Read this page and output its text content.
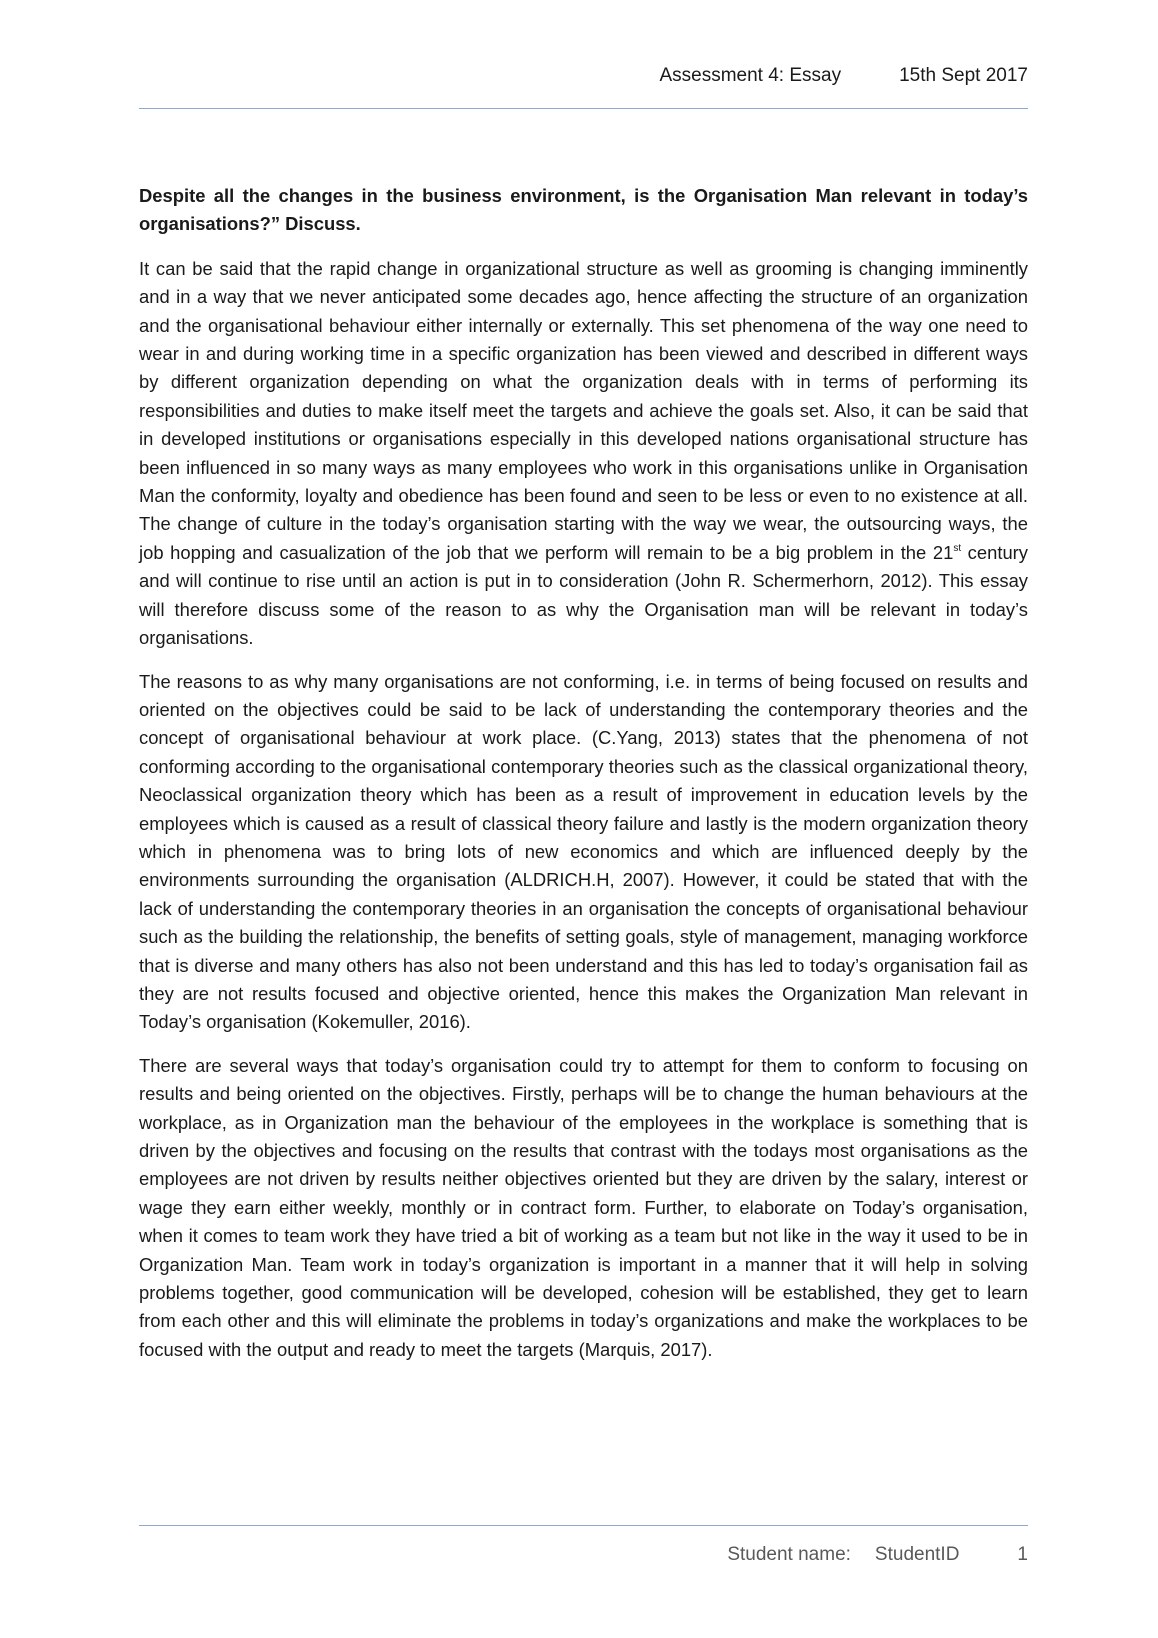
Assessment 4: Essay	15th Sept 2017

Despite all the changes in the business environment, is the Organisation Man relevant in today’s organisations?” Discuss.

It can be said that the rapid change in organizational structure as well as grooming is changing imminently and in a way that we never anticipated some decades ago, hence affecting the structure of an organization and the organisational behaviour either internally or externally. This set phenomena of the way one need to wear in and during working time in a specific organization has been viewed and described in different ways by different organization depending on what the organization deals with in terms of performing its responsibilities and duties to make itself meet the targets and achieve the goals set. Also, it can be said that in developed institutions or organisations especially in this developed nations organisational structure has been influenced in so many ways as many employees who work in this organisations unlike in Organisation Man the conformity, loyalty and obedience has been found and seen to be less or even to no existence at all. The change of culture in the today’s organisation starting with the way we wear, the outsourcing ways, the job hopping and casualization of the job that we perform will remain to be a big problem in the 21st century and will continue to rise until an action is put in to consideration (John R. Schermerhorn, 2012). This essay will therefore discuss some of the reason to as why the Organisation man will be relevant in today’s organisations.

The reasons to as why many organisations are not conforming, i.e. in terms of being focused on results and oriented on the objectives could be said to be lack of understanding the contemporary theories and the concept of organisational behaviour at work place. (C.Yang, 2013) states that the phenomena of not conforming according to the organisational contemporary theories such as the classical organizational theory, Neoclassical organization theory which has been as a result of improvement in education levels by the employees which is caused as a result of classical theory failure and lastly is the modern organization theory which in phenomena was to bring lots of new economics and which are influenced deeply by the environments surrounding the organisation (ALDRICH.H, 2007). However, it could be stated that with the lack of understanding the contemporary theories in an organisation the concepts of organisational behaviour such as the building the relationship, the benefits of setting goals, style of management, managing workforce that is diverse and many others has also not been understand and this has led to today’s organisation fail as they are not results focused and objective oriented, hence this makes the Organization Man relevant in Today’s organisation (Kokemuller, 2016).

There are several ways that today’s organisation could try to attempt for them to conform to focusing on results and being oriented on the objectives. Firstly, perhaps will be to change the human behaviours at the workplace, as in Organization man the behaviour of the employees in the workplace is something that is driven by the objectives and focusing on the results that contrast with the todays most organisations as the employees are not driven by results neither objectives oriented but they are driven by the salary, interest or wage they earn either weekly, monthly or in contract form. Further, to elaborate on Today’s organisation, when it comes to team work they have tried a bit of working as a team but not like in the way it used to be in Organization Man. Team work in today’s organization is important in a manner that it will help in solving problems together, good communication will be developed, cohesion will be established, they get to learn from each other and this will eliminate the problems in today’s organizations and make the workplaces to be focused with the output and ready to meet the targets (Marquis, 2017).

Student name: StudentID	1
